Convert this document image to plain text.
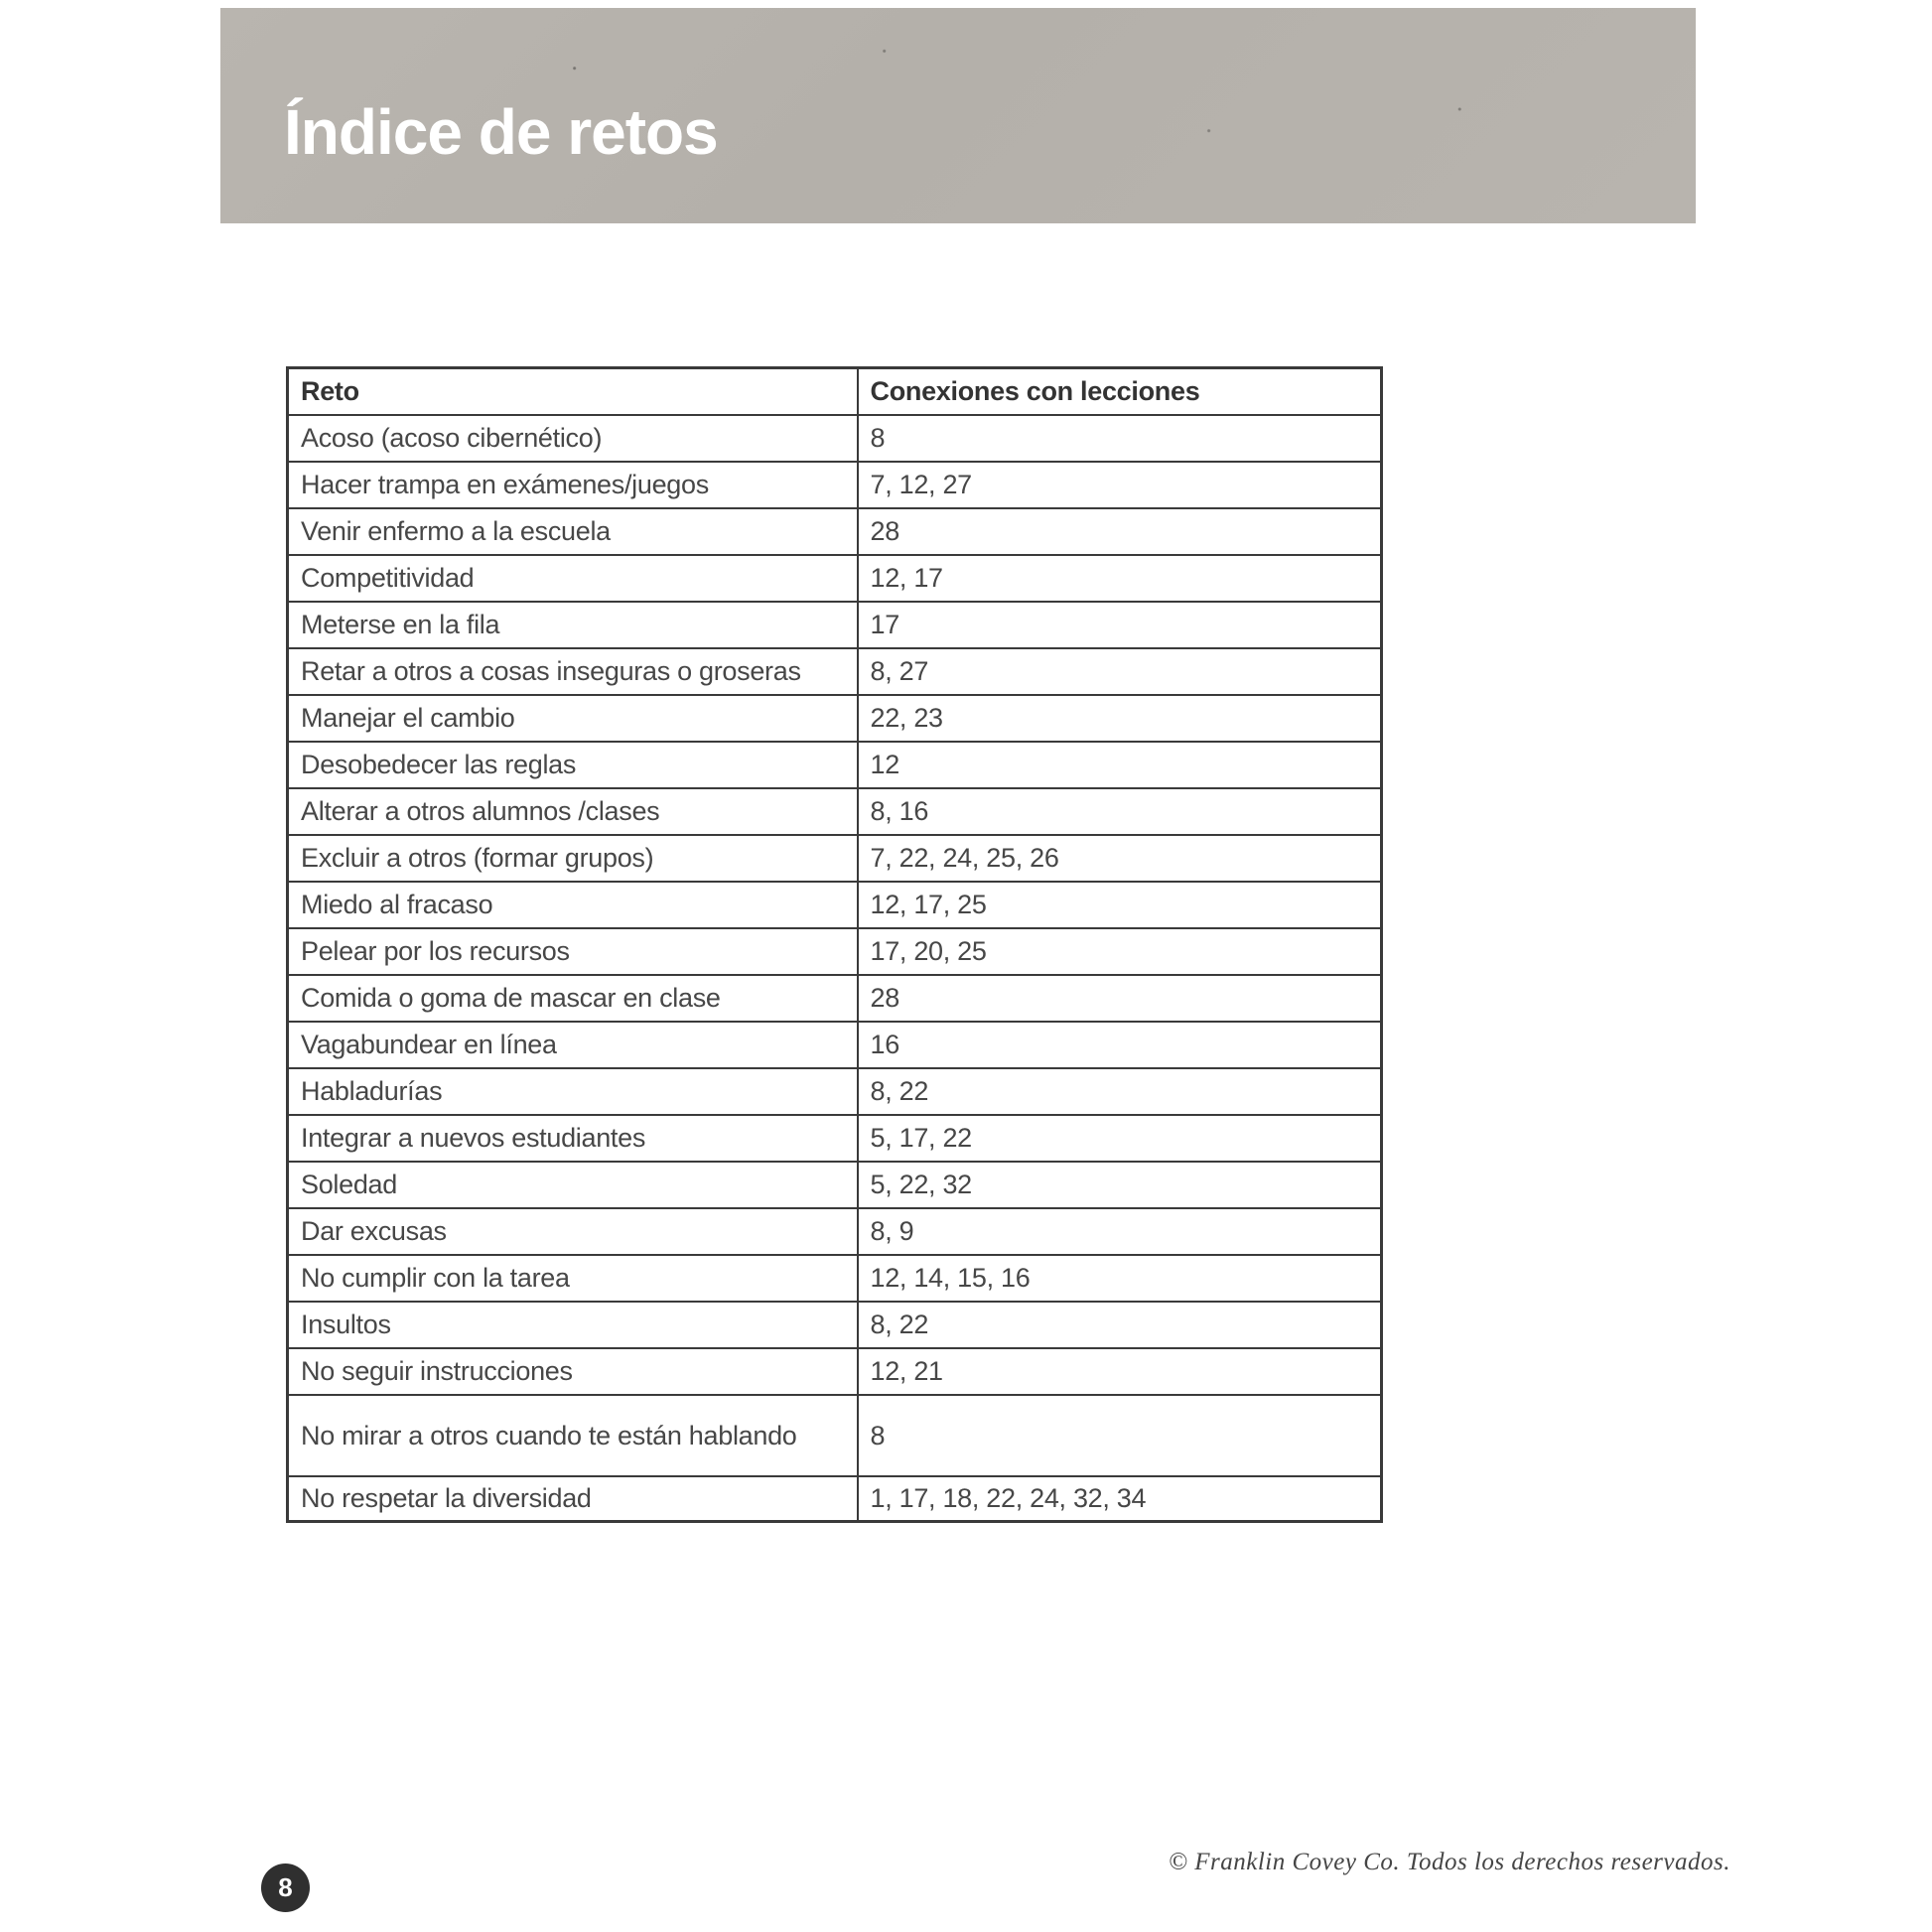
Índice de retos
Reto	Conexiones con lecciones
Acoso (acoso cibernético)	8
Hacer trampa en exámenes/juegos	7, 12, 27
Venir enfermo a la escuela	28
Competitividad	12, 17
Meterse en la fila	17
Retar a otros a cosas inseguras o groseras	8, 27
Manejar el cambio	22, 23
Desobedecer las reglas	12
Alterar a otros alumnos /clases	8, 16
Excluir a otros (formar grupos)	7, 22, 24, 25, 26
Miedo al fracaso	12, 17, 25
Pelear por los recursos	17, 20, 25
Comida o goma de mascar en clase	28
Vagabundear en línea	16
Habladurías	8, 22
Integrar a nuevos estudiantes	5, 17, 22
Soledad	5, 22, 32
Dar excusas	8, 9
No cumplir con la tarea	12, 14, 15, 16
Insultos	8, 22
No seguir instrucciones	12, 21
No mirar a otros cuando te están hablando	8
No respetar la diversidad	1, 17, 18, 22, 24, 32, 34
© Franklin Covey Co. Todos los derechos reservados.
8
